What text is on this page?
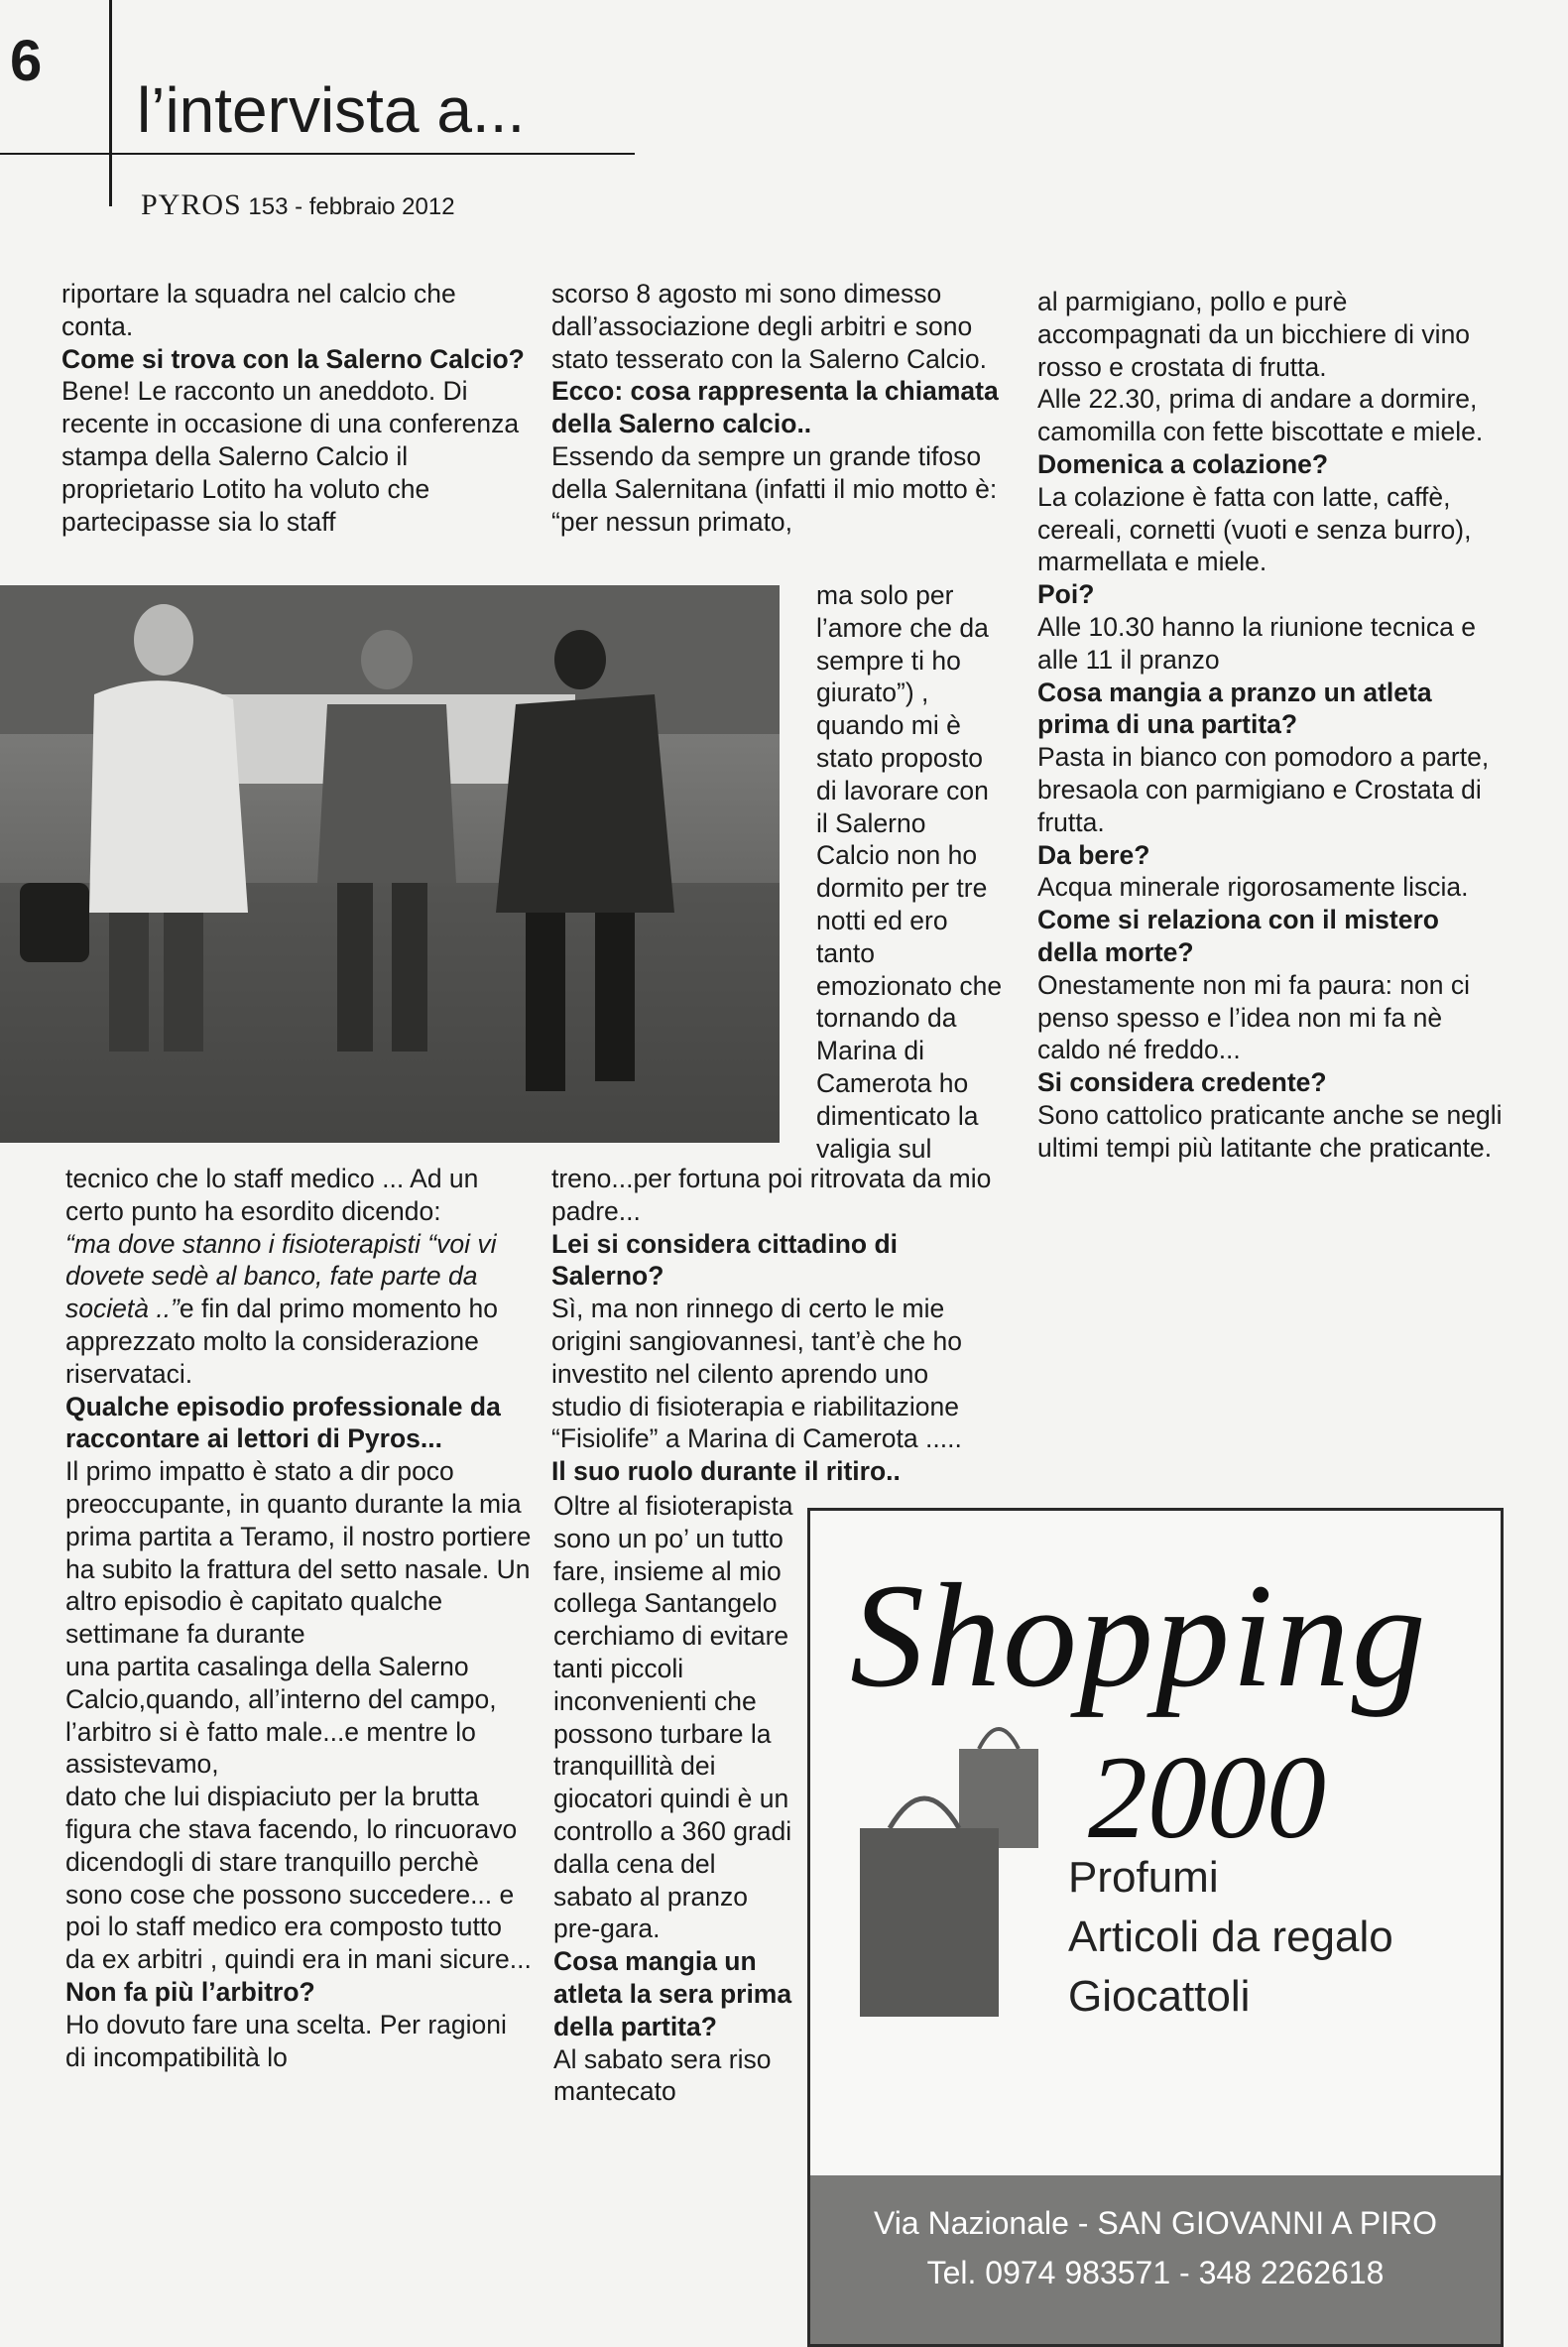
6
l’intervista a...
PYROS 153 - febbraio 2012

riportare la squadra nel calcio che conta.

Come si trova con la Salerno Calcio?

Bene! Le racconto un aneddoto. Di recente in occasione di una conferenza stampa della Salerno Calcio il proprietario Lotito ha voluto che partecipasse sia lo staff

tecnico che lo staff medico ... Ad un certo punto ha esordito dicendo:

“ma dove stanno i fisioterapisti “voi vi dovete sedè al banco, fate parte da società ..”e fin dal primo momento ho apprezzato molto la considerazione riservataci.

Qualche episodio professionale da raccontare ai lettori di Pyros...

Il primo impatto è stato a dir poco preoccupante, in quanto durante la mia prima partita a Teramo, il nostro portiere ha subito la frattura del setto nasale. Un altro episodio è capitato qualche settimane fa durante

una partita casalinga della Salerno Calcio,quando, all’interno del campo, l’arbitro si è fatto male...e mentre lo assistevamo,

dato che lui dispiaciuto per la brutta figura che stava facendo, lo rincuoravo dicendogli di stare tranquillo perchè

sono cose che possono succedere... e poi lo staff medico era composto tutto da ex arbitri , quindi era in mani sicure...

Non fa più l’arbitro?

Ho dovuto fare una scelta. Per ragioni di incompatibilità lo

scorso 8 agosto mi sono dimesso dall’associazione degli arbitri e sono stato tesserato con la Salerno Calcio.

Ecco: cosa rappresenta la chiamata della Salerno calcio..

Essendo da sempre un grande tifoso della Salernitana (infatti il mio motto è: “per nessun primato,

ma solo per l’amore che da sempre ti ho giurato”) , quando mi è stato proposto di lavorare con il Salerno Calcio non ho dormito per tre notti ed ero tanto emozionato che tornando da Marina di Camerota ho dimenticato la valigia sul

treno...per fortuna poi ritrovata da mio padre...

Lei si considera cittadino di Salerno?

Sì, ma non rinnego di certo le mie origini sangiovannesi, tant’è che ho investito nel cilento aprendo uno studio di fisioterapia e riabilitazione “Fisiolife” a Marina di Camerota .....

Il suo ruolo durante il ritiro..

Oltre al fisioterapista sono un po’ un tutto fare, insieme al mio collega Santangelo cerchiamo di evitare tanti piccoli inconvenienti che possono turbare la tranquillità dei giocatori quindi è un controllo a 360 gradi dalla cena del sabato al pranzo pre-gara.

Cosa mangia un atleta la sera prima della partita?

Al sabato sera riso mantecato

al parmigiano, pollo e purè accompagnati da un bicchiere di vino rosso e crostata di frutta.

Alle 22.30, prima di andare a dormire, camomilla con fette biscottate e miele.

Domenica a colazione?

La colazione è fatta con latte, caffè, cereali, cornetti (vuoti e senza burro), marmellata e miele.

Poi?

Alle 10.30 hanno la riunione tecnica e alle 11 il pranzo

Cosa mangia a pranzo un atleta prima di una partita?

Pasta in bianco con pomodoro a parte, bresaola con parmigiano e Crostata di frutta.

Da bere?

Acqua minerale rigorosamente liscia.

Come si relaziona con il mistero della morte?

Onestamente non mi fa paura: non ci penso spesso e l’idea non mi fa nè caldo né freddo...

Si considera credente?

Sono cattolico praticante anche se negli ultimi tempi più latitante che praticante.

Shopping
2000
Profumi
Articoli da regalo
Giocattoli
Via Nazionale - SAN GIOVANNI A PIRO
Tel. 0974 983571 - 348 2262618
